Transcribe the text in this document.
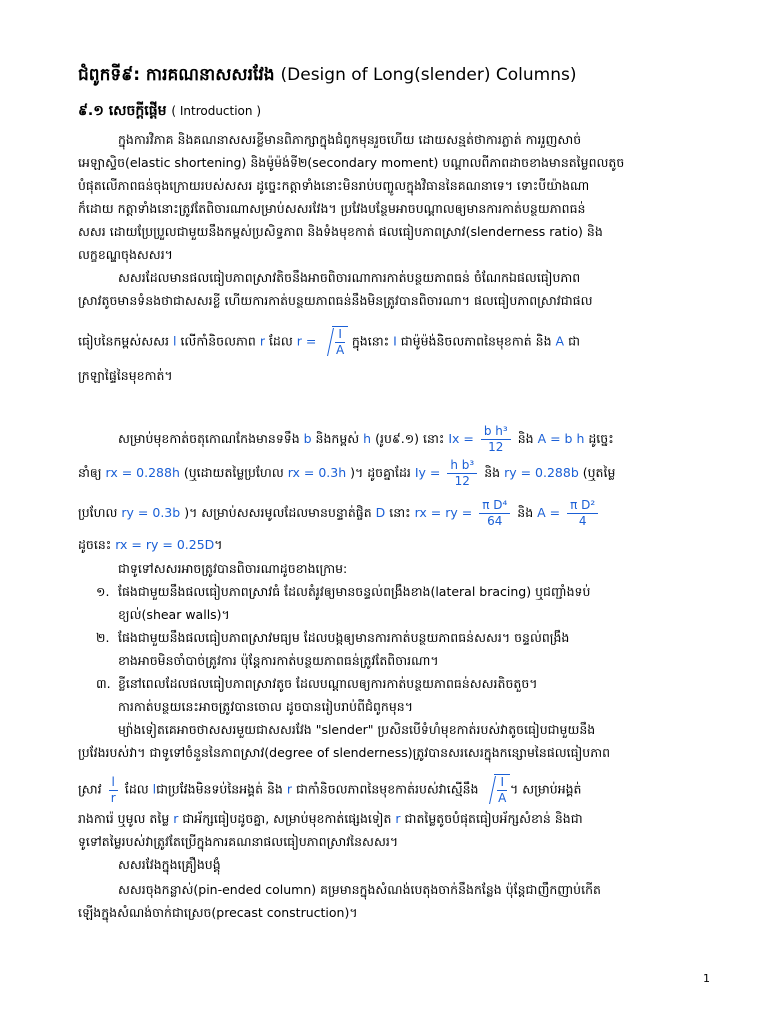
ជំពូកទី៩: ការគណនាសសរវែង (Design of Long(slender) Columns)
៩.១ សេចក្តីផ្តើម ( Introduction )
ក្នុងការវិភាគ និងគណនាសសរខ្លីមានពិភាក្សាក្នុងជំពូកមុនរួចហើយ ដោយសន្មត់ថាការភ្លាត់ ការរួញសាច់
អេឡាស្ទិច(elastic shortening) និងម៉ូម៉ង់ទី២(secondary moment) បណ្តាលពីភាពដាចខាងមានតម្លៃពលតូច
បំផុតលើភាពធន់ចុងក្រោយរបស់សសរ ដូច្នេះកត្តាទាំងនោះមិនរាប់បញ្ចូលក្នុងវិធាននៃគណនាទេ។ ទោះបីយ៉ាងណា
ក៏ដោយ កត្តាទាំងនោះត្រូវតែពិចារណាសម្រាប់សសរវែង។ ប្រវែងបន្ថែមអាចបណ្តាលឲ្យមានការកាត់បន្ថយភាពធន់
សសរ ដោយប្រែប្រួលជាមួយនឹងកម្ពស់ប្រសិទ្ធភាព និងទំងមុខកាត់ ផលធៀបភាពស្រាវ(slenderness ratio) និង
លក្ខខណ្ឌចុងសសរ។
សសរដែលមានផលធៀបភាពស្រាវតិចនឹងអាចពិចារណាការកាត់បន្ថយភាពធន់ ចំណែកឯផលធៀបភាព
ស្រាវតូចមានទំនងថាជាសសរខ្លី ហើយការកាត់បន្ថយភាពធន់នឹងមិនត្រូវបានពិចារណា។ ផលធៀបភាពស្រាវជាផល
ធៀបនៃកម្ពស់សសរ l លើកាំនិចលភាព r ដែល $r = \frac{I}{A}$ ក្នុងនោះ I ជាម៉ូម៉ង់និចលភាពនៃមុខកាត់ និង A ជា
ក្រឡាផ្ទៃនៃមុខកាត់។
សម្រាប់មុខកាត់ចតុកោណកែងមានទទឹង b និងកម្ពស់ h (រូប៩.១) នោះ $Ix = \frac{\text{b h³}}{12}$ និង A = b h ដូច្នេះ
នាំឲ្យ rx = 0.288h (ឬដោយតម្លៃប្រហែល rx = 0.3h )។ ដូចគ្នាដែរ $Iy = \frac{\text{h b³}}{12}$ និង ry = 0.288b (ឬតម្លៃ
ប្រហែល ry = 0.3b )។ សម្រាប់សសរមូលដែលមានបន្ទាត់ផ្ចិត D នោះ rx = ry = $\frac{\text{π D⁴}}{64}$ និង $A = \frac{\text{π D²}}{4}$
ដូចនេះ rx = ry = 0.25D។
ជាទូទៅសសរអាចត្រូវបានពិចារណាដូចខាងក្រោម:
១. ផែងជាមួយនឹងផលធៀបភាពស្រាវធំ ដែលតំរូវឲ្យមានចន្ទល់ពង្រឹងខាង(lateral bracing) ឬជញ្ជាំងទប់
ខ្យល់(shear walls)។
២. ផែងជាមួយនឹងផលធៀបភាពស្រាវមធ្យម ដែលបង្កឲ្យមានការកាត់បន្ថយភាពធន់សសរ។ ចន្ទល់ពង្រឹង
ខាងអាចមិនចាំបាច់ត្រូវការ ប៉ុន្តែការកាត់បន្ថយភាពធន់ត្រូវតែពិចារណា។
៣. ខ្លីនៅពេលដែលផលធៀបភាពស្រាវតូច ដែលបណ្តាលឲ្យការកាត់បន្ថយភាពធន់សសរតិចតួច។
ការកាត់បន្ថយនេះអាចត្រូវបានចោល ដូចបានរៀបរាប់ពីជំពូកមុន។
ម្យ៉ាងទៀតគេអាចថាសសរមួយជាសសរវែង "slender" ប្រសិនបើទំហំមុខកាត់របស់វាតូចធៀបជាមួយនឹង
ប្រវែងរបស់វា។ ជាទូទៅចំនួននៃភាពស្រាវ(degree of slenderness)ត្រូវបានសរសេរក្នុងកន្សោមនៃផលធៀបភាព
ស្រាវ $\frac{l}{r}$ ដែល lជាប្រវែងមិនទប់នៃអង្គត់ និង r ជាកាំនិចលភាពនៃមុខកាត់របស់វាស្មើនឹង $\frac{I}{A}$ ។ សម្រាប់អង្គត់
រាងការ៉េ ឬមូល តម្លៃ r ជាអ័ក្សធៀបដូចគ្នា, សម្រាប់មុខកាត់ផ្សេងទៀត r ជាតម្លៃតូចបំផុតធៀបអ័ក្សសំខាន់ និងជា
ទូទៅតម្លៃរបស់វាត្រូវតែប្រើក្នុងការគណនាផលធៀបភាពស្រាវនៃសសរ។
សសរវែងក្នុងគ្រឿងបង្គុំ
សសរចុងកន្លាស់(pin-ended column) គម្រមានក្នុងសំណង់បេតុងចាក់នឹងកន្លែង ប៉ុន្តែជាញឹកញាប់កើត
ឡើងក្នុងសំណង់ចាក់ជាស្រេច(precast construction)។
1
